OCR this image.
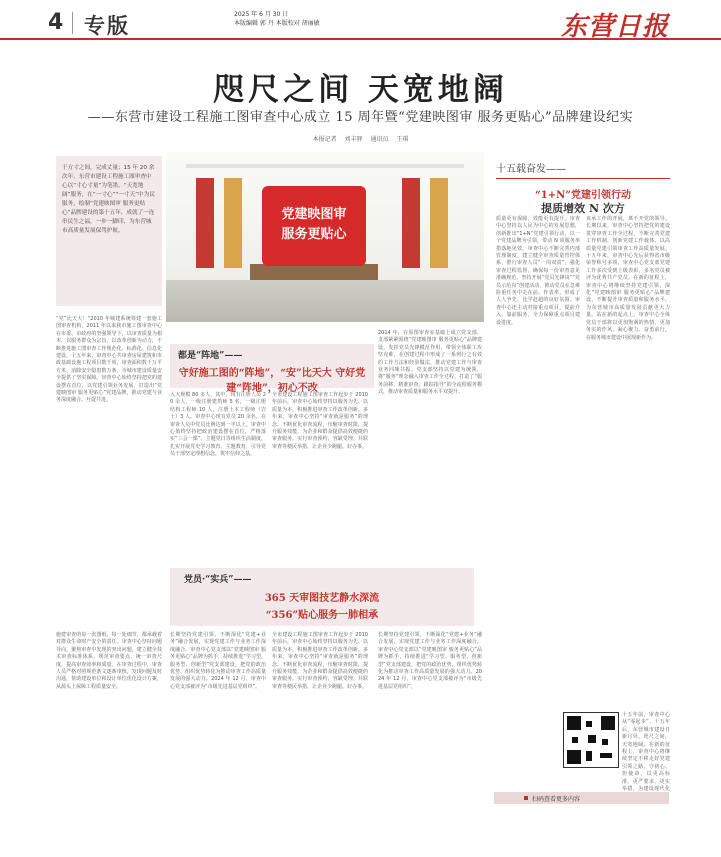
4 专版	2025 年 6 月 30 日
本版编辑 郭 丹 本版校对 胡丽敏	东营日报
咫尺之间 天宽地阔
——东营市建设工程施工图审查中心成立 15 周年暨“党建映图审 服务更贴心”品牌建设纪实
本报记者 刘丰驿 通讯员 王琪
于方寸之间，完成丈量；15 年 20 余次年，东营市建设工程施工图审查中心以“寸心寸量”为笔墨，“天宽地阔”服务，在“一寸心”“一寸天”中为民服务，绘制“党建映图审 服务更贴心”品牌建设的第十五年，成就了一连串民生之福，一步一脚印，为东营城市高质量发展保驾护航。
党建映图审
服务更贴心
十五载奋发——
“1+N”党建引领行动
提质增效 N 次方
“党”比天大！“2010 年城建系统筹建一套施工图审查机构，2011 年以来我市施工图审查中心在市委、市政府的坚强领导下，以审查质量为根本，以服务群众为宗旨，以改革创新为动力，不断推进施工图审查工作规范化、标准化、信息化建设。十五年来，审查中心共审查房屋建筑和市政基础设施工程项目数千项，审查面积数千万平方米，消除安全隐患数万条，为城市建设质量安全提供了坚实保障。审查中心始终坚持把党的建设摆在首位，以党建引领业务发展，打造出“党建映图审 服务更贴心”党建品牌，推动党建与业务深度融合、互促共进。
施建审查的每一张图纸、每一处细节，都承载着对群众生命财产安全的责任。审查中心坚持问题导向，聚焦审查中发现的突出问题，建立健全技术审查标准体系，规范审查要点，统一审查尺度，提高审查效率和质量。在审查过程中，审查人员严格对照规范条文逐条审核，发现问题及时沟通，帮助建设单位和设计单位优化设计方案，从源头上保障工程质量安全。
都是“阵地”——
守好施工图的“阵地”，“安”比天大 守好党建“阵地”，初心不改
入大规模 80 多人，其中，现有注册人员 20 余人，一级注册建筑师 5 名，一级注册结构工程师 10 人，注册土木工程师（岩土）3 人。审查中心现有党员 20 余名，在审查人员中党员比例达到一半以上。审查中心始终坚持把政治建设摆在首位，严格落实“三会一课”、主题党日等组织生活制度，扎实开展党史学习教育、主题教育，引导党员干部坚定理想信念，筑牢信仰之基。
全市建设工程施工图审查工作起步于 2010 年前后，审查中心始终坚持以服务为先、以质量为本，积极推进审查工作改革创新。多年来，审查中心坚持“审查就是服务”的理念，不断优化审查流程，压缩审查时限，提升服务效能，为企业和群众提供高效便捷的审查服务。实行审查预约、容缺受理、并联审查等便民举措，让企业少跑腿、好办事。
2014 年，在原图审查室基础上成立党支部，支部紧紧围绕“党建映图审 服务更贴心”品牌建设，发挥党员先锋模范作用，带领全体职工攻坚克难，在创建过程中形成了一系列行之有效的工作方法和经验做法，推动党建工作与审查业务同频共振。党支部坚持以党建为统领，将“服务”理念融入审查工作全过程，打造了“服务前移、精准审查、跟踪指导”的全流程服务模式，推动审查质量和服务水平双提升。
党员·“实兵”——
365 天审图技艺静水深流
“356”贴心服务一肺相承
长期坚持党建引领，不断深化“党建+业务”融合发展，实现党建工作与业务工作深度融合。审查中心党支部以“党建映图审 服务更贴心”品牌为抓手，持续推进“学习型、服务型、创新型”党支部建设，把党的政治优势、组织优势转化为推动审查工作高质量发展的强大动力。2024 年 12 月，审查中心党支部被评为“市级先进基层党组织”。
全市建设工程施工图审查工作起步于 2010 年前后，审查中心始终坚持以服务为先、以质量为本，积极推进审查工作改革创新。多年来，审查中心坚持“审查就是服务”的理念，不断优化审查流程，压缩审查时限，提升服务效能，为企业和群众提供高效便捷的审查服务。实行审查预约、容缺受理、并联审查等便民举措，让企业少跑腿、好办事。
长期坚持党建引领，不断深化“党建+业务”融合发展，实现党建工作与业务工作深度融合。审查中心党支部以“党建映图审 服务更贴心”品牌为抓手，持续推进“学习型、服务型、创新型”党支部建设，把党的政治优势、组织优势转化为推动审查工作高质量发展的强大动力。2024 年 12 月，审查中心党支部被评为“市级先进基层党组织”。
质量更有保障，效能更有提升。审查中心坚持以人民为中心的发展思想，创新推出“1+N”党建引领行动，以一个党建品牌为引领，带动 N 项服务举措落地见效。审查中心不断完善内部管理制度，建立健全审查质量管控体系，推行审查人员“一岗双责”，强化审查过程监督，确保每一份审查意见准确规范。坚持开展“党员先锋岗”“党员示范岗”创建活动，推动党员在急难险重任务中走在前、作表率，形成了人人争先、比学赶超的良好氛围。审查中心还主动对接重点项目，提前介入、靠前服务，全力保障重点项目建设进度。
该承工作的开展，离不开党的领导。长期以来，审查中心坚持把党的建设贯穿审查工作全过程，不断完善党建工作机制，创新党建工作载体，以高质量党建引领审查工作高质量发展。十五年来，审查中心先后获得省市级荣誉称号多项，审查中心党支部党建工作多次受到上级表彰，多名党员被评为优秀共产党员。在新的征程上，审查中心将继续坚持党建引领，深化“党建映图审 服务更贴心”品牌建设，不断提升审查质量和服务水平，为东营城市高质量发展贡献更大力量。站在新的起点上，审查中心全体党员干部将以更加饱满的热情、更加务实的作风，凝心聚力、奋勇前行，在服务城市建设中展现新作为。
十五年前，审查中心从“零起步”。十五年后，东营城市建设日新月异。咫尺之间，天宽地阔。在新的征程上，审查中心将继续坚定不移走好党建引领之路，守初心、担使命，以更高标准、更严要求、更实举措，为建设现代化
扫码查看更多内容
